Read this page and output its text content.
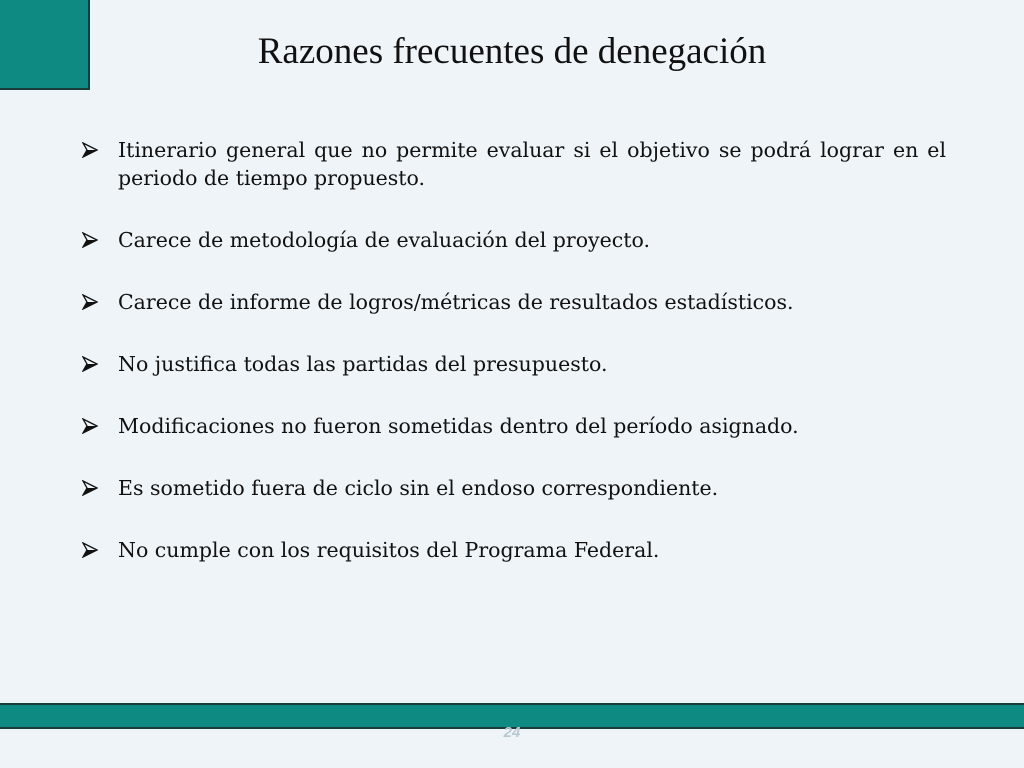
Razones frecuentes de denegación
Itinerario general que no permite evaluar si el objetivo se podrá lograr en el periodo de tiempo propuesto.
Carece de metodología de evaluación del proyecto.
Carece de informe de logros/métricas de resultados estadísticos.
No justifica todas las partidas del presupuesto.
Modificaciones no fueron sometidas dentro del período asignado.
Es sometido fuera de ciclo sin el endoso correspondiente.
No cumple con los requisitos del Programa Federal.
24
